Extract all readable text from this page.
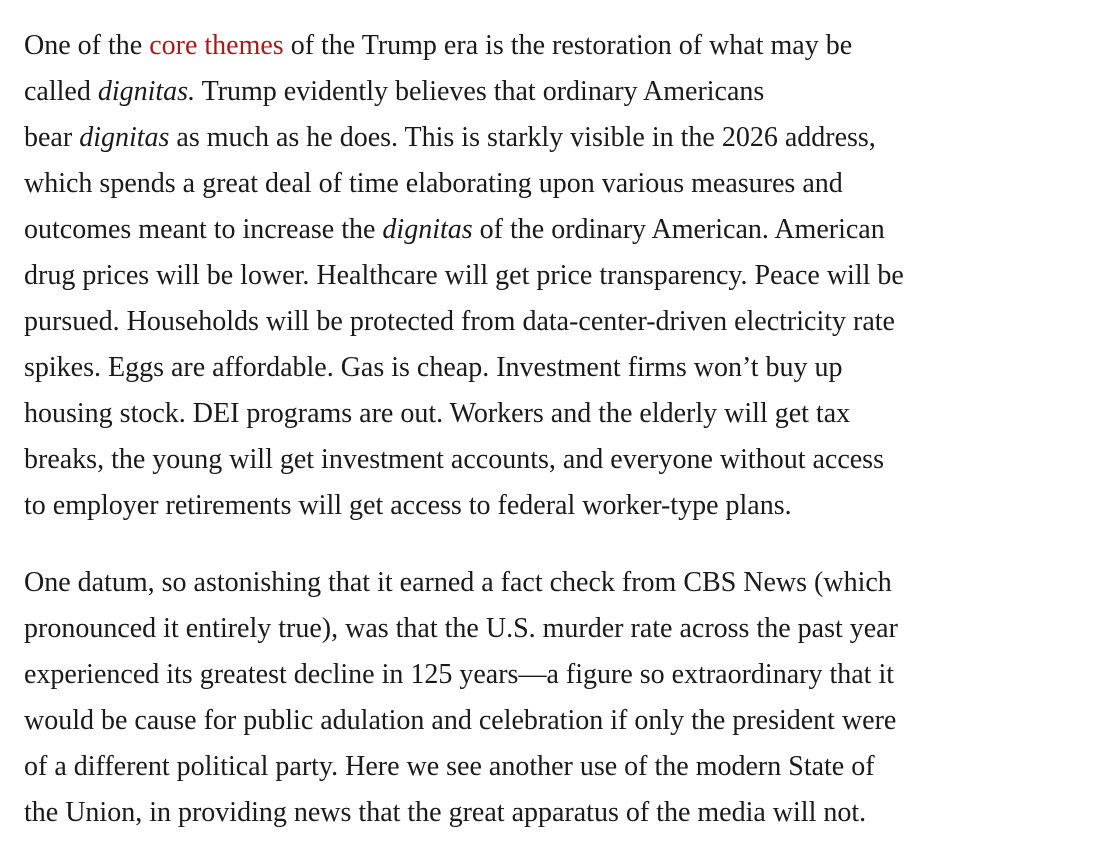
One of the core themes of the Trump era is the restoration of what may be
called dignitas. Trump evidently believes that ordinary Americans
bear dignitas as much as he does. This is starkly visible in the 2026 address,
which spends a great deal of time elaborating upon various measures and
outcomes meant to increase the dignitas of the ordinary American. American
drug prices will be lower. Healthcare will get price transparency. Peace will be
pursued. Households will be protected from data-center-driven electricity rate
spikes. Eggs are affordable. Gas is cheap. Investment firms won’t buy up
housing stock. DEI programs are out. Workers and the elderly will get tax
breaks, the young will get investment accounts, and everyone without access
to employer retirements will get access to federal worker-type plans.

One datum, so astonishing that it earned a fact check from CBS News (which
pronounced it entirely true), was that the U.S. murder rate across the past year
experienced its greatest decline in 125 years—a figure so extraordinary that it
would be cause for public adulation and celebration if only the president were
of a different political party. Here we see another use of the modern State of
the Union, in providing news that the great apparatus of the media will not.
